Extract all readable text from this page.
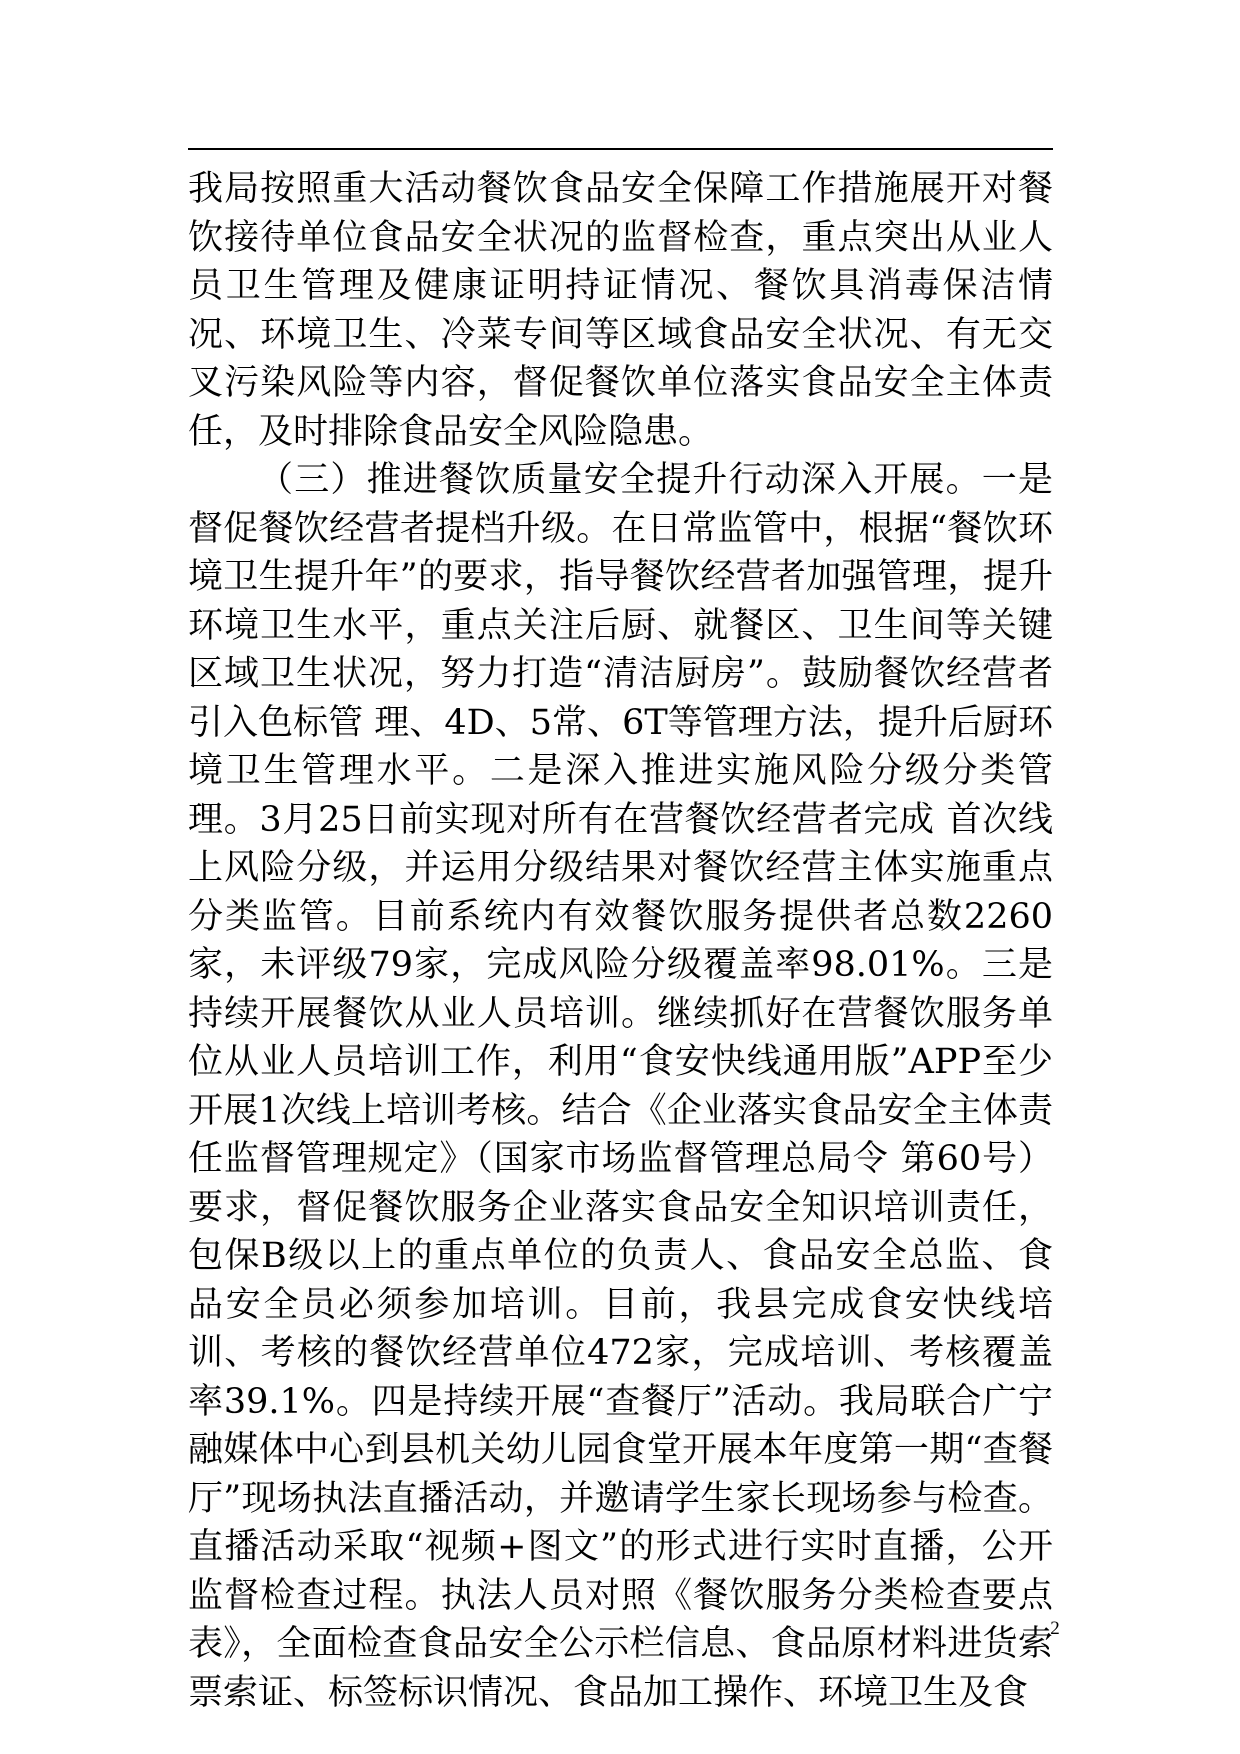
我局按照重大活动餐饮食品安全保障工作措施展开对餐饮接待单位食品安全状况的监督检查，重点突出从业人员卫生管理及健康证明持证情况、餐饮具消毒保洁情况、环境卫生、冷菜专间等区域食品安全状况、有无交叉污染风险等内容，督促餐饮单位落实食品安全主体责任，及时排除食品安全风险隐患。

（三）推进餐饮质量安全提升行动深入开展。一是督促餐饮经营者提档升级。在日常监管中，根据“餐饮环境卫生提升年”的要求，指导餐饮经营者加强管理，提升环境卫生水平，重点关注后厨、就餐区、卫生间等关键区域卫生状况，努力打造“清洁厨房”。鼓励餐饮经营者引入色标管 理、4D、5常、6T等管理方法，提升后厨环境卫生管理水平。二是深入推进实施风险分级分类管理。3月25日前实现对所有在营餐饮经营者完成 首次线上风险分级，并运用分级结果对餐饮经营主体实施重点分类监管。目前系统内有效餐饮服务提供者总数2260家，未评级79家，完成风险分级覆盖率98.01%。三是持续开展餐饮从业人员培训。继续抓好在营餐饮服务单位从业人员培训工作，利用“食安快线通用版”APP至少开展1次线上培训考核。结合《企业落实食品安全主体责任监督管理规定》（国家市场监督管理总局令 第60号）要求，督促餐饮服务企业落实食品安全知识培训责任，包保B级以上的重点单位的负责人、食品安全总监、食品安全员必须参加培训。目前，我县完成食安快线培训、考核的餐饮经营单位472家，完成培训、考核覆盖率39.1%。四是持续开展“查餐厅”活动。我局联合广宁融媒体中心到县机关幼儿园食堂开展本年度第一期“查餐厅”现场执法直播活动，并邀请学生家长现场参与检查。直播活动采取“视频+图文”的形式进行实时直播，公开监督检查过程。执法人员对照《餐饮服务分类检查要点表》，全面检查食品安全公示栏信息、食品原材料进货索票索证、标签标识情况、食品加工操作、环境卫生及食

2
